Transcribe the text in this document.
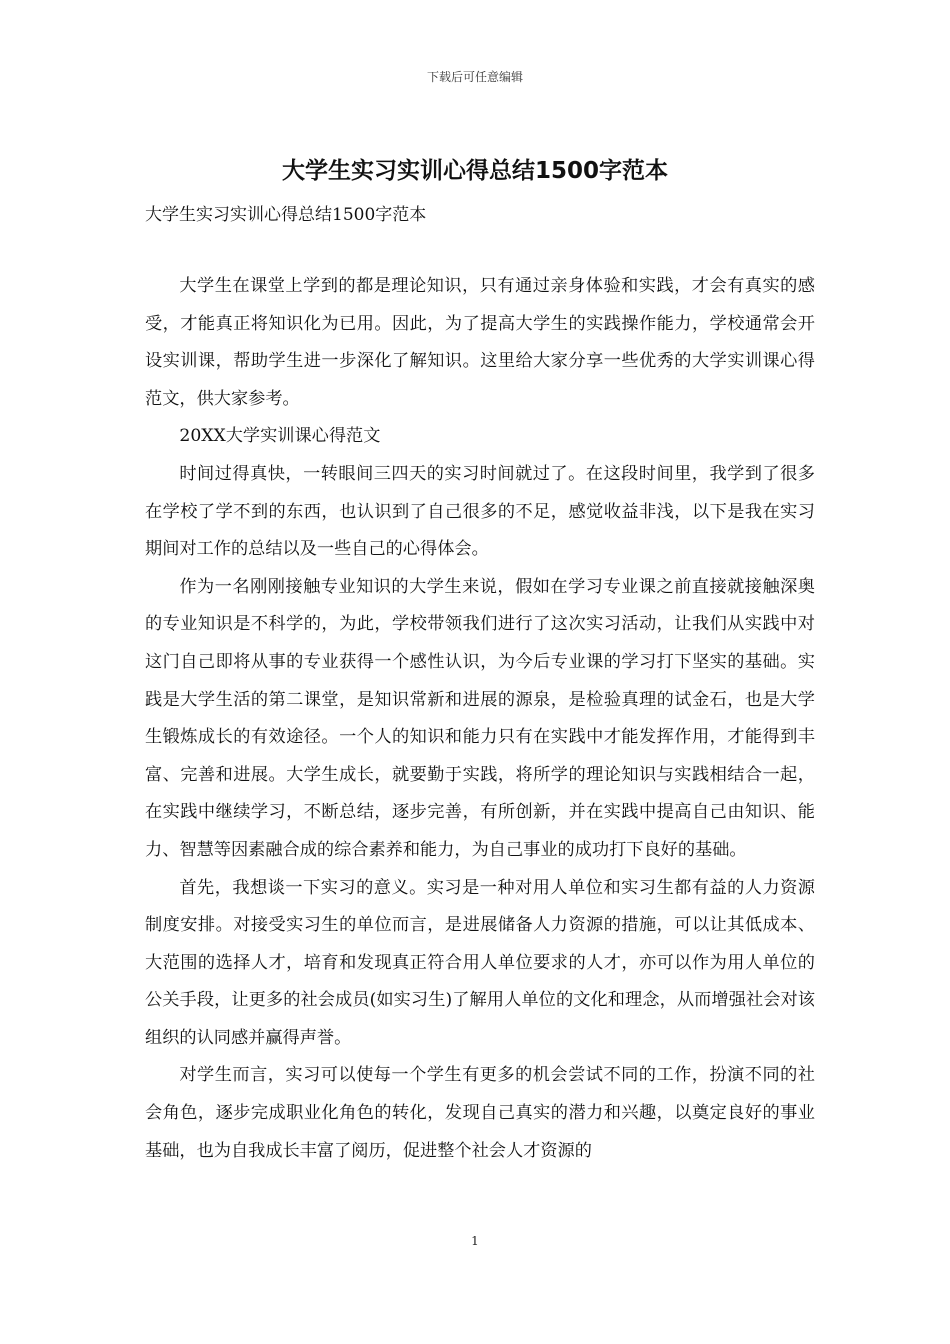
下载后可任意编辑
大学生实习实训心得总结1500字范本
大学生实习实训心得总结1500字范本

大学生在课堂上学到的都是理论知识，只有通过亲身体验和实践，才会有真实的感受，才能真正将知识化为已用。因此，为了提高大学生的实践操作能力，学校通常会开设实训课，帮助学生进一步深化了解知识。这里给大家分享一些优秀的大学实训课心得范文，供大家参考。

20XX大学实训课心得范文

时间过得真快，一转眼间三四天的实习时间就过了。在这段时间里，我学到了很多在学校了学不到的东西，也认识到了自己很多的不足，感觉收益非浅，以下是我在实习期间对工作的总结以及一些自己的心得体会。

作为一名刚刚接触专业知识的大学生来说，假如在学习专业课之前直接就接触深奥的专业知识是不科学的，为此，学校带领我们进行了这次实习活动，让我们从实践中对这门自己即将从事的专业获得一个感性认识，为今后专业课的学习打下坚实的基础。实践是大学生活的第二课堂，是知识常新和进展的源泉，是检验真理的试金石，也是大学生锻炼成长的有效途径。一个人的知识和能力只有在实践中才能发挥作用，才能得到丰富、完善和进展。大学生成长，就要勤于实践，将所学的理论知识与实践相结合一起，在实践中继续学习，不断总结，逐步完善，有所创新，并在实践中提高自己由知识、能力、智慧等因素融合成的综合素养和能力，为自己事业的成功打下良好的基础。

首先，我想谈一下实习的意义。实习是一种对用人单位和实习生都有益的人力资源制度安排。对接受实习生的单位而言，是进展储备人力资源的措施，可以让其低成本、大范围的选择人才，培育和发现真正符合用人单位要求的人才，亦可以作为用人单位的公关手段，让更多的社会成员(如实习生)了解用人单位的文化和理念，从而增强社会对该组织的认同感并赢得声誉。

对学生而言，实习可以使每一个学生有更多的机会尝试不同的工作，扮演不同的社会角色，逐步完成职业化角色的转化，发现自己真实的潜力和兴趣，以奠定良好的事业基础，也为自我成长丰富了阅历，促进整个社会人才资源的

1
